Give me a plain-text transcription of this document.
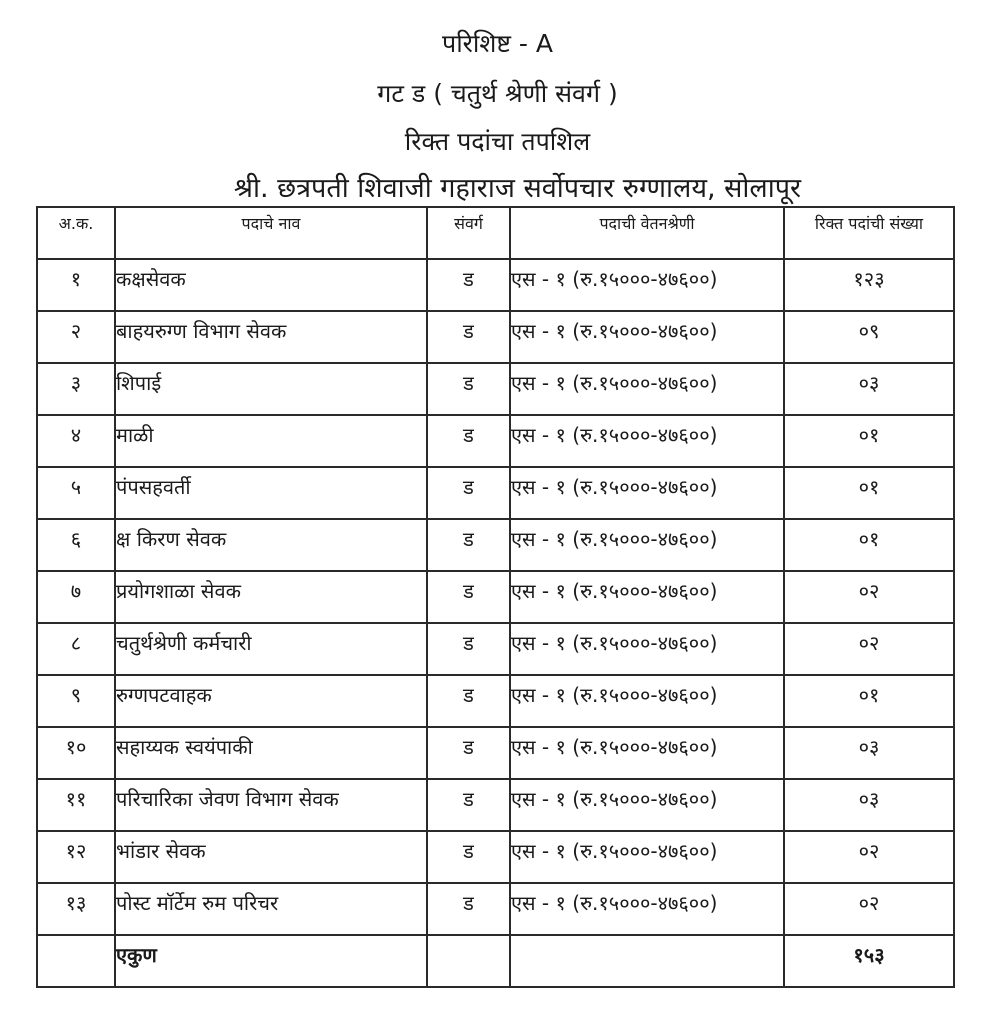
परिशिष्ट - A
गट ड ( चतुर्थ श्रेणी संवर्ग )
रिक्त पदांचा तपशिल
श्री. छत्रपती शिवाजी गहाराज सर्वोपचार रुग्णालय, सोलापूर
अ.क.	पदाचे नाव	संवर्ग	पदाची वेतनश्रेणी	रिक्त पदांची संख्या
१	कक्षसेवक	ड	एस - १ (रु.१५०००-४७६००)	१२३
२	बाहयरुग्ण विभाग सेवक	ड	एस - १ (रु.१५०००-४७६००)	०९
३	शिपाई	ड	एस - १ (रु.१५०००-४७६००)	०३
४	माळी	ड	एस - १ (रु.१५०००-४७६००)	०१
५	पंपसहवर्ती	ड	एस - १ (रु.१५०००-४७६००)	०१
६	क्ष किरण सेवक	ड	एस - १ (रु.१५०००-४७६००)	०१
७	प्रयोगशाळा सेवक	ड	एस - १ (रु.१५०००-४७६००)	०२
८	चतुर्थश्रेणी कर्मचारी	ड	एस - १ (रु.१५०००-४७६००)	०२
९	रुग्णपटवाहक	ड	एस - १ (रु.१५०००-४७६००)	०१
१०	सहाय्यक स्वयंपाकी	ड	एस - १ (रु.१५०००-४७६००)	०३
११	परिचारिका जेवण विभाग सेवक	ड	एस - १ (रु.१५०००-४७६००)	०३
१२	भांडार सेवक	ड	एस - १ (रु.१५०००-४७६००)	०२
१३	पोस्ट मॉर्टेम रुम परिचर	ड	एस - १ (रु.१५०००-४७६००)	०२
	एकुण			१५३
